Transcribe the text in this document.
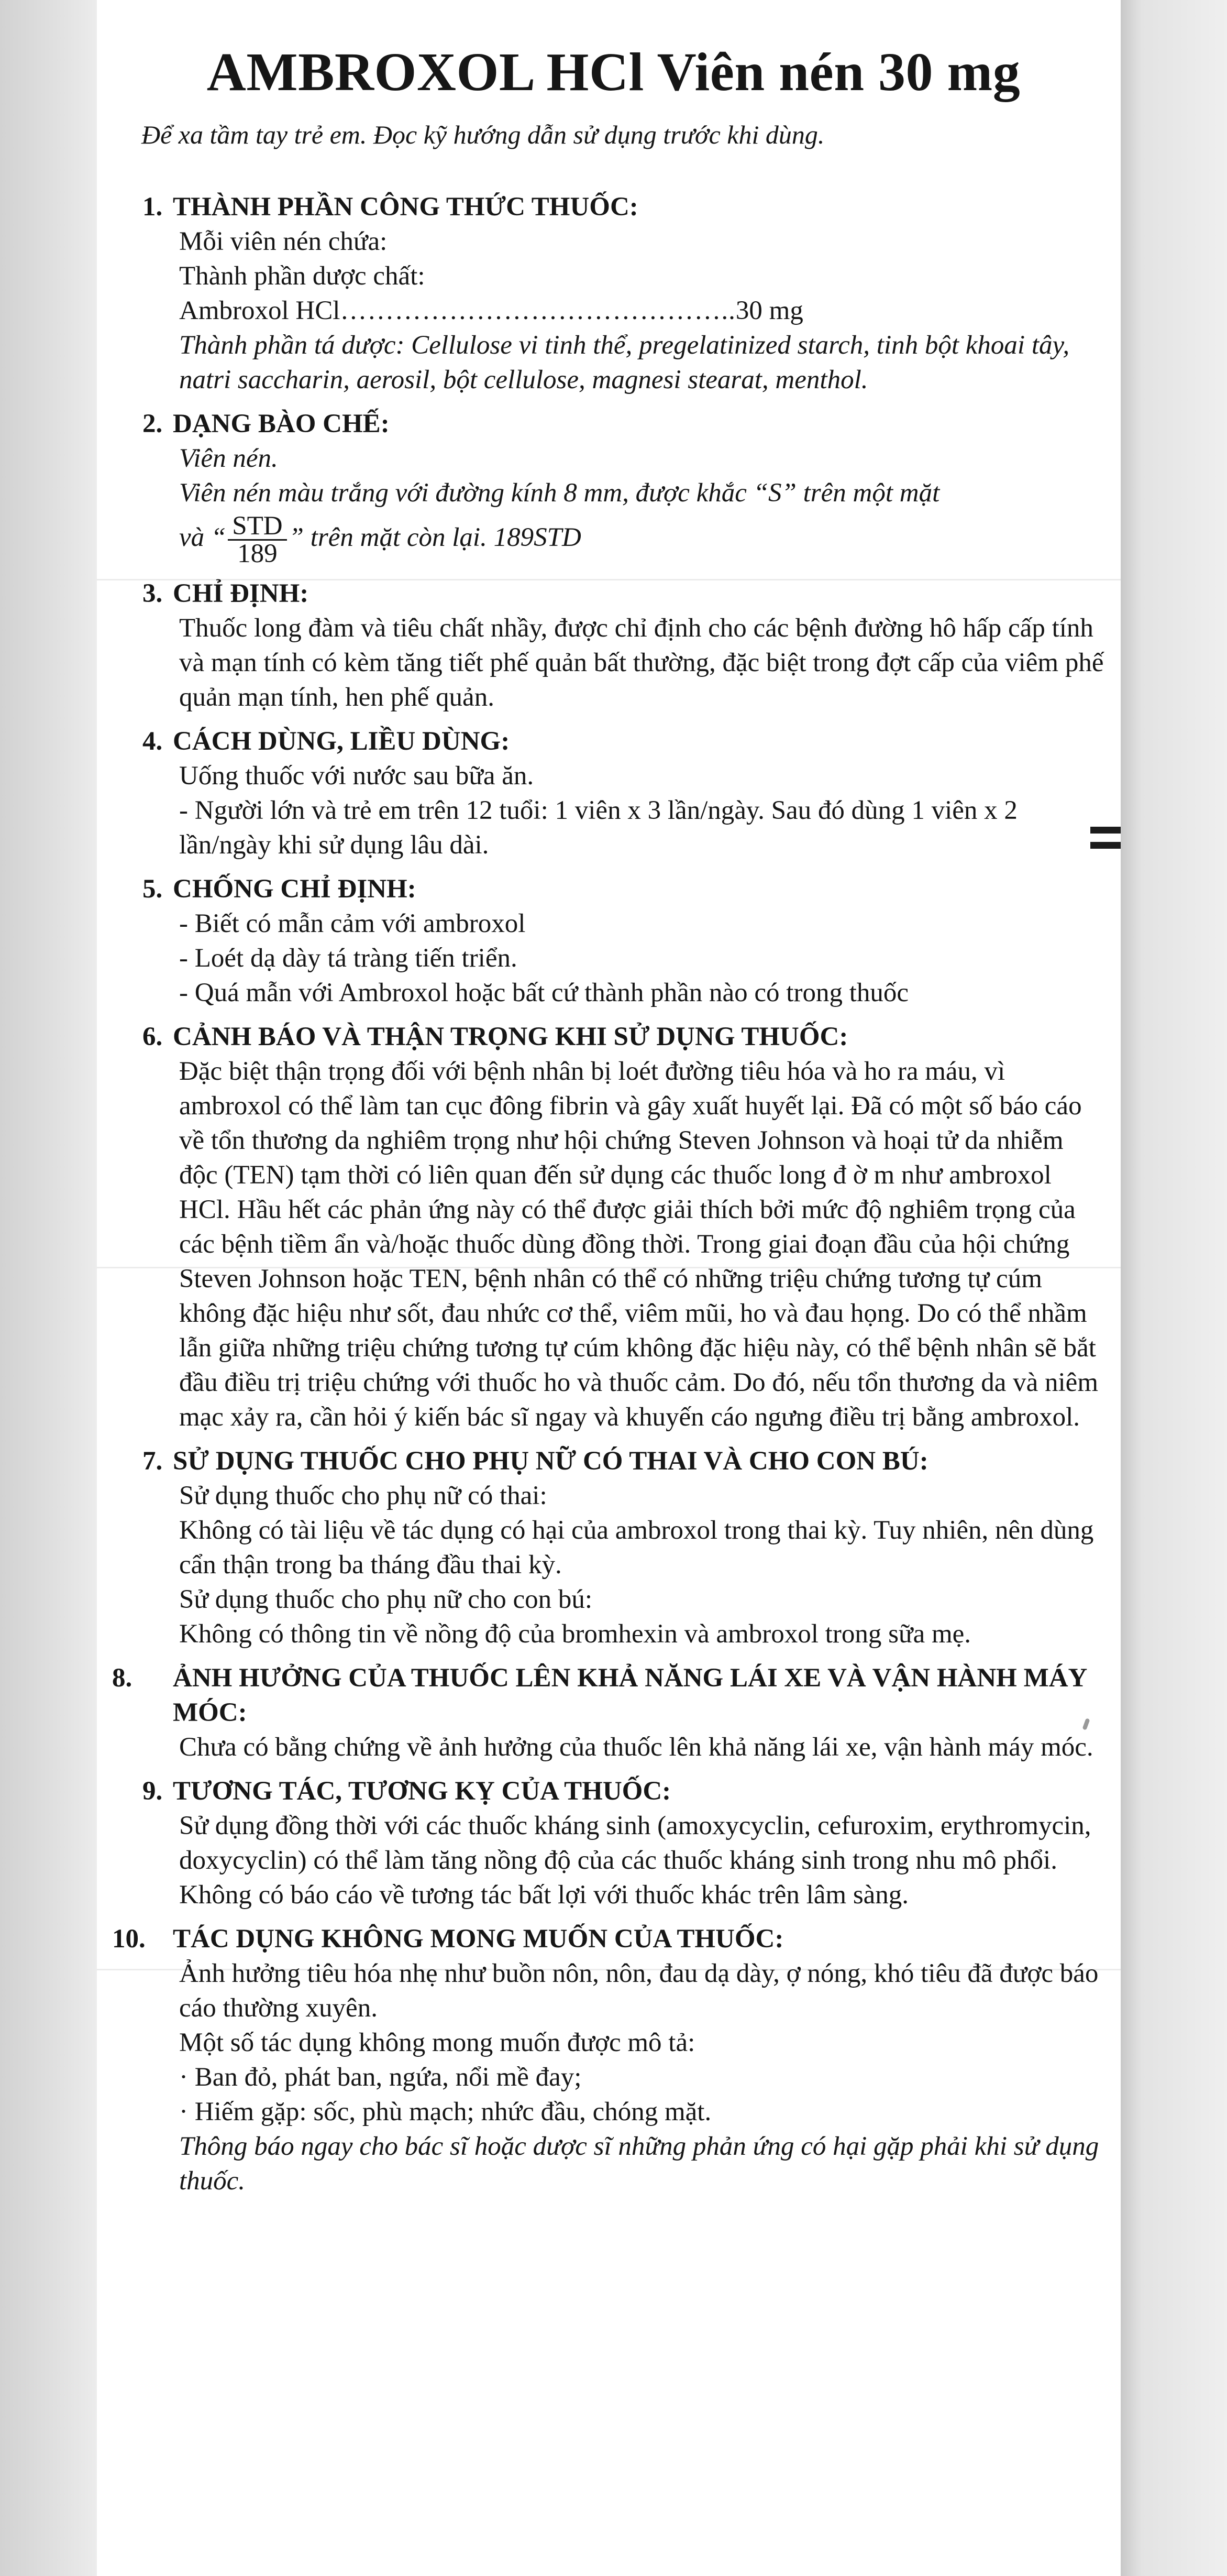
AMBROXOL HCl Viên nén 30 mg

Để xa tầm tay trẻ em. Đọc kỹ hướng dẫn sử dụng trước khi dùng.

1. THÀNH PHẦN CÔNG THỨC THUỐC:

Mỗi viên nén chứa:

Thành phần dược chất:

Ambroxol HCl……………………………………..30 mg

Thành phần tá dược: Cellulose vi tinh thể, pregelatinized starch, tinh bột khoai tây, natri saccharin, aerosil, bột cellulose, magnesi stearat, menthol.

2. DẠNG BÀO CHẾ:

Viên nén.

Viên nén màu trắng với đường kính 8 mm, được khắc “S” trên một mặt

và “ $\frac{\text{STD}}{189}$ ” trên mặt còn lại. 189STD

3. CHỈ ĐỊNH:

Thuốc long đàm và tiêu chất nhầy, được chỉ định cho các bệnh đường hô hấp cấp tính và mạn tính có kèm tăng tiết phế quản bất thường, đặc biệt trong đợt cấp của viêm phế quản mạn tính, hen phế quản.

4. CÁCH DÙNG, LIỀU DÙNG:

Uống thuốc với nước sau bữa ăn.

- Người lớn và trẻ em trên 12 tuổi: 1 viên x 3 lần/ngày. Sau đó dùng 1 viên x 2 lần/ngày khi sử dụng lâu dài.

5. CHỐNG CHỈ ĐỊNH:

- Biết có mẫn cảm với ambroxol

- Loét dạ dày tá tràng tiến triển.

- Quá mẫn với Ambroxol hoặc bất cứ thành phần nào có trong thuốc

6. CẢNH BÁO VÀ THẬN TRỌNG KHI SỬ DỤNG THUỐC:

Đặc biệt thận trọng đối với bệnh nhân bị loét đường tiêu hóa và ho ra máu, vì ambroxol có thể làm tan cục đông fibrin và gây xuất huyết lại. Đã có một số báo cáo về tổn thương da nghiêm trọng như hội chứng Steven Johnson và hoại tử da nhiễm độc (TEN) tạm thời có liên quan đến sử dụng các thuốc long đ ờ m như ambroxol HCl. Hầu hết các phản ứng này có thể được giải thích bởi mức độ nghiêm trọng của các bệnh tiềm ẩn và/hoặc thuốc dùng đồng thời. Trong giai đoạn đầu của hội chứng Steven Johnson hoặc TEN, bệnh nhân có thể có những triệu chứng tương tự cúm không đặc hiệu như sốt, đau nhức cơ thể, viêm mũi, ho và đau họng. Do có thể nhầm lẫn giữa những triệu chứng tương tự cúm không đặc hiệu này, có thể bệnh nhân sẽ bắt đầu điều trị triệu chứng với thuốc ho và thuốc cảm. Do đó, nếu tổn thương da và niêm mạc xảy ra, cần hỏi ý kiến bác sĩ ngay và khuyến cáo ngưng điều trị bằng ambroxol.

7. SỬ DỤNG THUỐC CHO PHỤ NỮ CÓ THAI VÀ CHO CON BÚ:

Sử dụng thuốc cho phụ nữ có thai:

Không có tài liệu về tác dụng có hại của ambroxol trong thai kỳ. Tuy nhiên, nên dùng cẩn thận trong ba tháng đầu thai kỳ.

Sử dụng thuốc cho phụ nữ cho con bú:

Không có thông tin về nồng độ của bromhexin và ambroxol trong sữa mẹ.

8. ẢNH HƯỞNG CỦA THUỐC LÊN KHẢ NĂNG LÁI XE VÀ VẬN HÀNH MÁY MÓC:

Chưa có bằng chứng về ảnh hưởng của thuốc lên khả năng lái xe, vận hành máy móc.

9. TƯƠNG TÁC, TƯƠNG KỴ CỦA THUỐC:

Sử dụng đồng thời với các thuốc kháng sinh (amoxycyclin, cefuroxim, erythromycin, doxycyclin) có thể làm tăng nồng độ của các thuốc kháng sinh trong nhu mô phổi.

Không có báo cáo về tương tác bất lợi với thuốc khác trên lâm sàng.

10. TÁC DỤNG KHÔNG MONG MUỐN CỦA THUỐC:

Ảnh hưởng tiêu hóa nhẹ như buồn nôn, nôn, đau dạ dày, ợ nóng, khó tiêu đã được báo cáo thường xuyên.

Một số tác dụng không mong muốn được mô tả:

· Ban đỏ, phát ban, ngứa, nổi mề đay;

· Hiếm gặp: sốc, phù mạch; nhức đầu, chóng mặt.

Thông báo ngay cho bác sĩ hoặc dược sĩ những phản ứng có hại gặp phải khi sử dụng thuốc.
